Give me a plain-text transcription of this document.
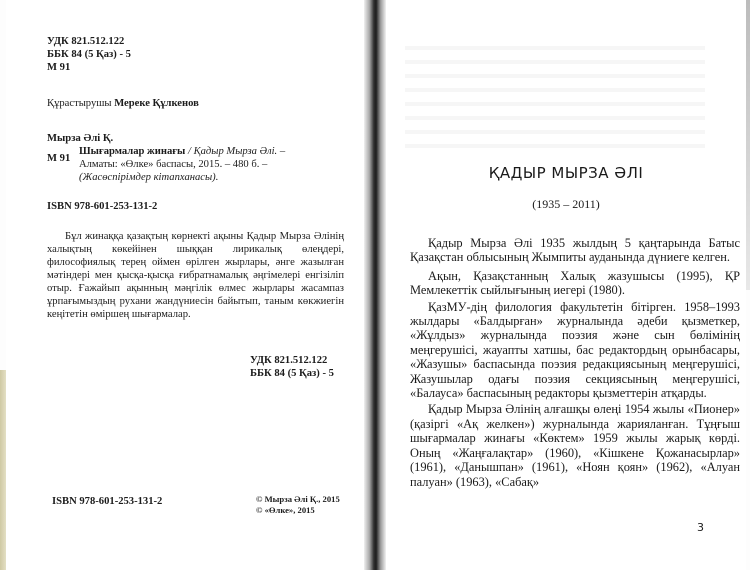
УДК 821.512.122
ББК 84 (5 Қаз) - 5
М 91
Құрастырушы Мереке Құлкенов
Мырза Әлі Қ.
М 91
Шығармалар жинағы / Қадыр Мырза Әлі. –
Алматы: «Өлке» баспасы, 2015. – 480 б. –
(Жасөспірімдер кітапханасы).
ISBN 978-601-253-131-2

Бұл жинаққа қазақтың көрнекті ақыны Қадыр Мырза Әлінің халықтың көкейінен шыққан лирикалық өлеңдері, философиялық терең оймен өрілген жырлары, әнге жазылған мәтіндері мен қысқа-қысқа ғибратнамалық әңгімелері енгізіліп отыр. Ғажайып ақынның мәңгілік өлмес жырлары жасампаз ұрпағымыздың рухани жандүниесін байытып, таным көкжиегін кеңітетін өміршең шығармалар.

УДК 821.512.122
ББК 84 (5 Қаз) - 5
ISBN 978-601-253-131-2	© Мырза Әлі Қ., 2015
© «Өлке», 2015
ҚАДЫР МЫРЗА ӘЛІ
(1935 – 2011)

Қадыр Мырза Әлі 1935 жылдың 5 қаңтарында Батыс Қазақстан облысының Жымпиты ауданында дүниеге келген.

Ақын, Қазақстанның Халық жазушысы (1995), ҚР Мемлекеттік сыйлығының иегері (1980).

ҚазМУ-дің филология факультетін бітірген. 1958–1993 жылдары «Балдырған» журналында әдеби қызметкер, «Жұлдыз» журналында поэзия және сын бөлімінің меңгерушісі, жауапты хатшы, бас редактордың орынбасары, «Жазушы» баспасында поэзия редакциясының меңгерушісі, Жазушылар одағы поэзия секциясының меңгерушісі, «Балауса» баспасының редакторы қызметтерін атқарды.

Қадыр Мырза Әлінің алғашқы өлеңі 1954 жылы «Пионер» (қазіргі «Ақ желкен») журналында жарияланған. Тұңғыш шығармалар жинағы «Көктем» 1959 жылы жарық көрді. Оның «Жаңғалақтар» (1960), «Кішкене Қожанасырлар» (1961), «Данышпан» (1961), «Ноян қоян» (1962), «Алуан палуан» (1963), «Сабақ»

3
